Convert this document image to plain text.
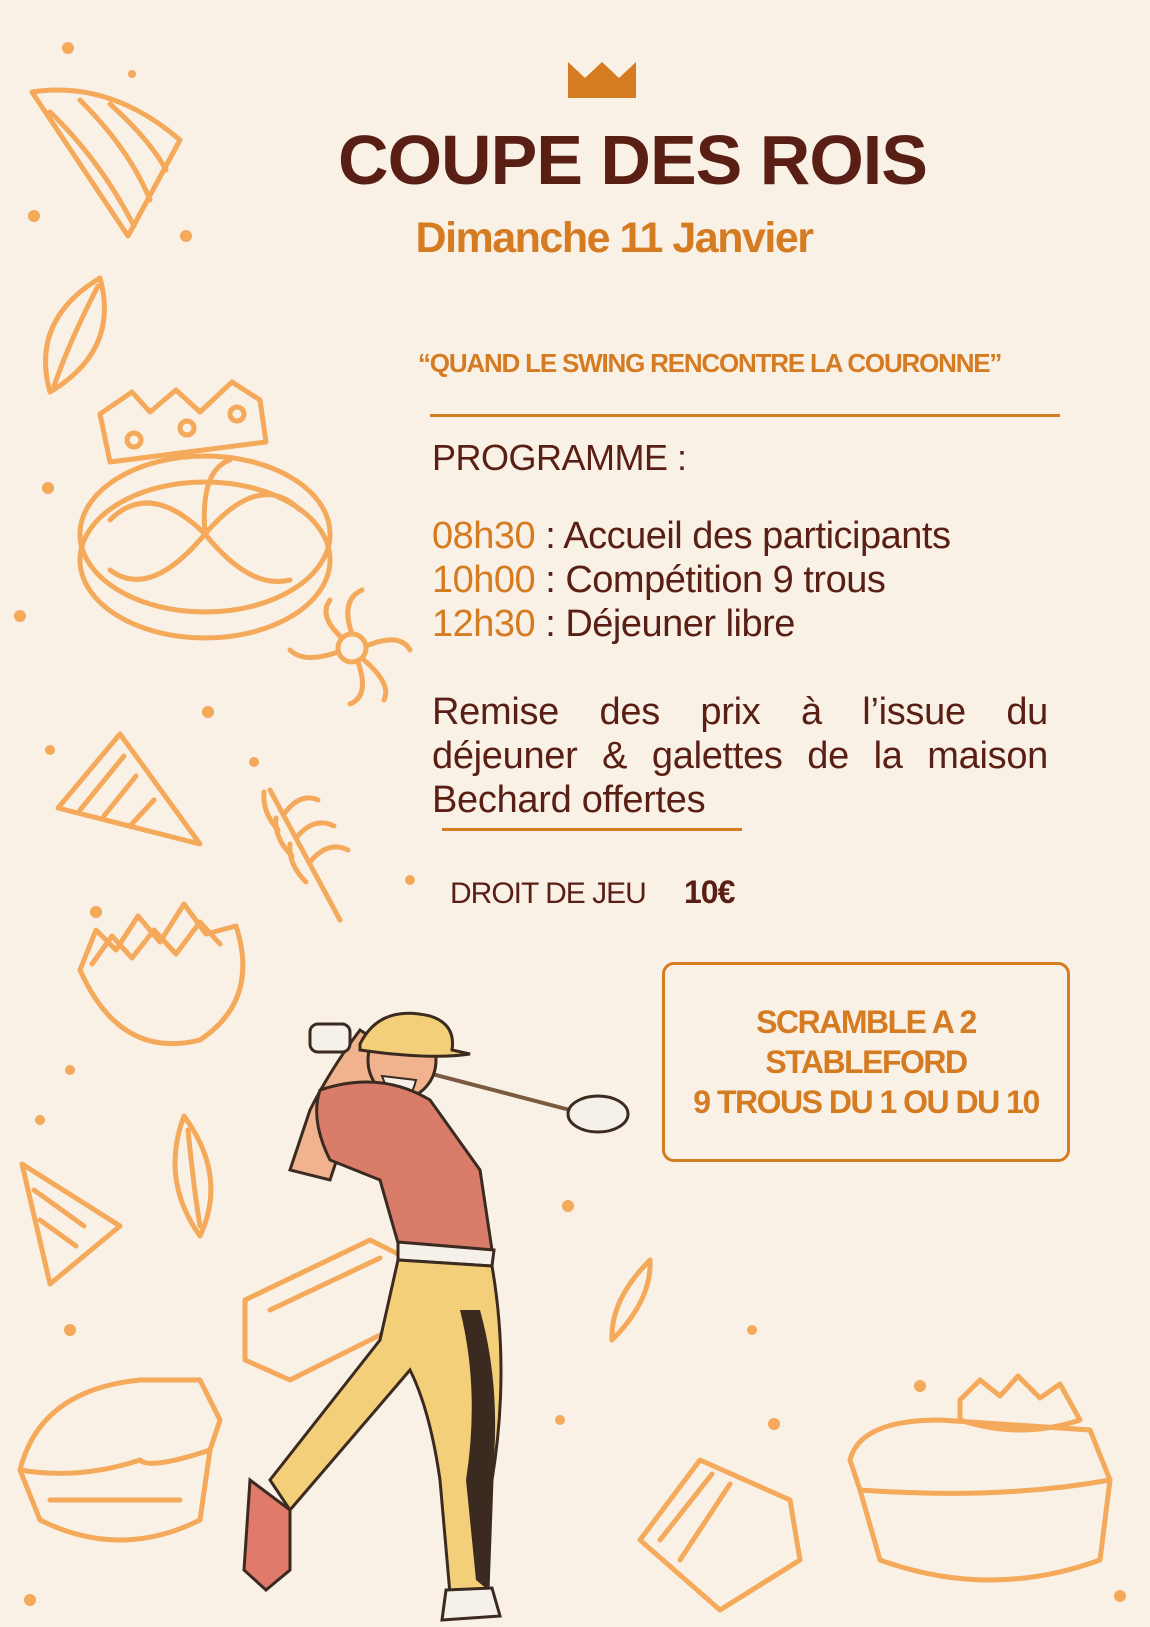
COUPE DES ROIS
Dimanche 11 Janvier
“QUAND LE SWING RENCONTRE LA COURONNE”
PROGRAMME :
08h30 : Accueil des participants
10h00 : Compétition 9 trous
12h30 : Déjeuner libre
Remise des prix à l’issue du déjeuner & galettes de la maison Bechard offertes
DROIT DE JEU 10€
SCRAMBLE A 2
STABLEFORD
9 TROUS DU 1 OU DU 10
